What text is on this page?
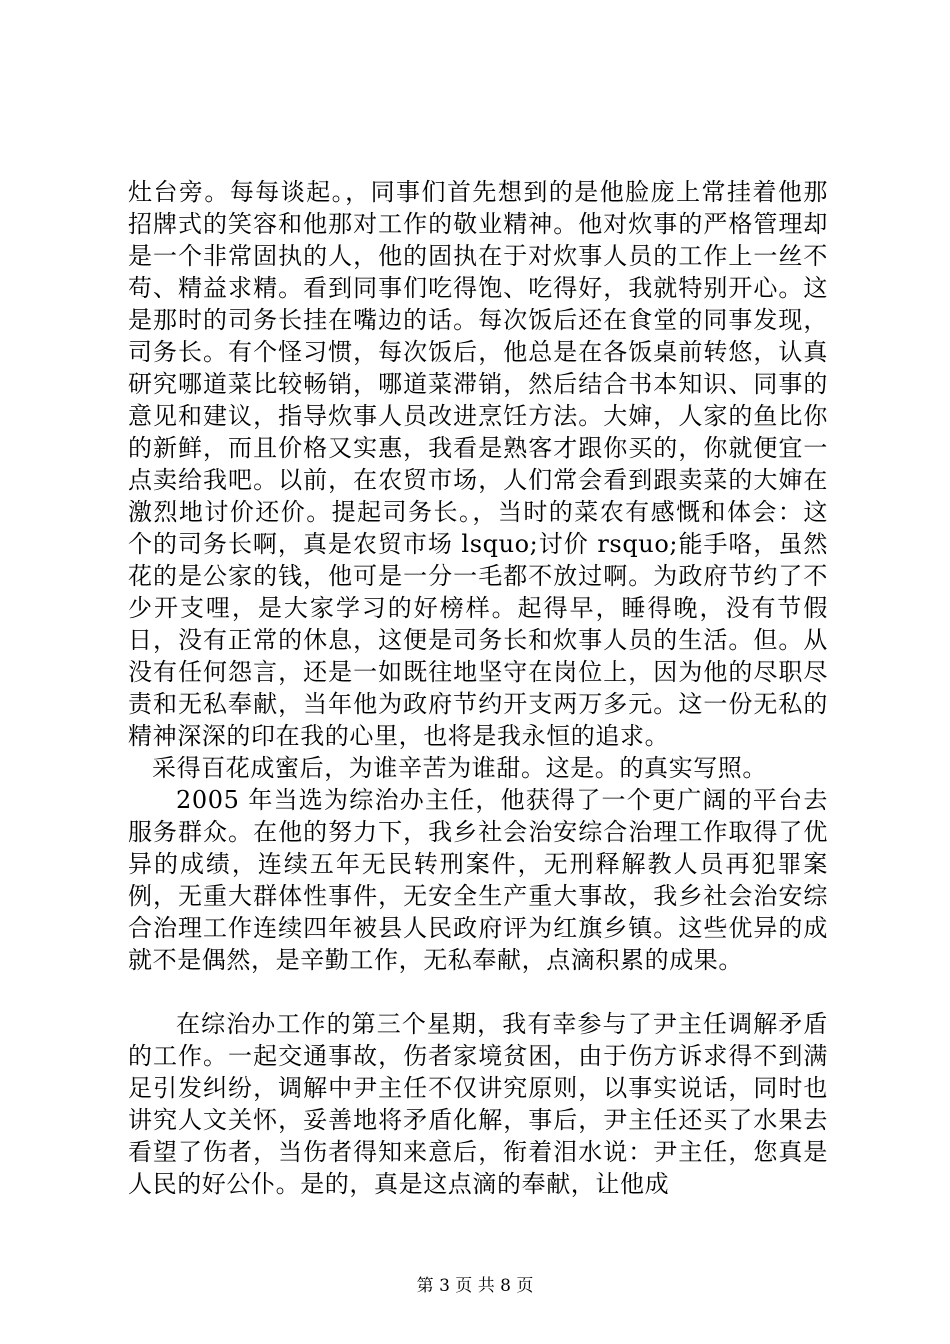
灶台旁。每每谈起。，同事们首先想到的是他脸庞上常挂着他那招牌式的笑容和他那对工作的敬业精神。他对炊事的严格管理却是一个非常固执的人，他的固执在于对炊事人员的工作上一丝不苟、精益求精。看到同事们吃得饱、吃得好，我就特别开心。这是那时的司务长挂在嘴边的话。每次饭后还在食堂的同事发现，司务长。有个怪习惯，每次饭后，他总是在各饭桌前转悠，认真研究哪道菜比较畅销，哪道菜滞销，然后结合书本知识、同事的意见和建议，指导炊事人员改进烹饪方法。大婶，人家的鱼比你的新鲜，而且价格又实惠，我看是熟客才跟你买的，你就便宜一点卖给我吧。以前，在农贸市场，人们常会看到跟卖菜的大婶在激烈地讨价还价。提起司务长。，当时的菜农有感慨和体会：这个的司务长啊，真是农贸市场 lsquo;讨价 rsquo;能手咯，虽然花的是公家的钱，他可是一分一毛都不放过啊。为政府节约了不少开支哩，是大家学习的好榜样。起得早，睡得晚，没有节假日，没有正常的休息，这便是司务长和炊事人员的生活。但。从没有任何怨言，还是一如既往地坚守在岗位上，因为他的尽职尽责和无私奉献，当年他为政府节约开支两万多元。这一份无私的精神深深的印在我的心里，也将是我永恒的追求。

采得百花成蜜后，为谁辛苦为谁甜。这是。的真实写照。

2005 年当选为综治办主任，他获得了一个更广阔的平台去服务群众。在他的努力下，我乡社会治安综合治理工作取得了优异的成绩，连续五年无民转刑案件，无刑释解教人员再犯罪案例，无重大群体性事件，无安全生产重大事故，我乡社会治安综合治理工作连续四年被县人民政府评为红旗乡镇。这些优异的成就不是偶然，是辛勤工作，无私奉献，点滴积累的成果。

在综治办工作的第三个星期，我有幸参与了尹主任调解矛盾的工作。一起交通事故，伤者家境贫困，由于伤方诉求得不到满足引发纠纷，调解中尹主任不仅讲究原则，以事实说话，同时也讲究人文关怀，妥善地将矛盾化解，事后，尹主任还买了水果去看望了伤者，当伤者得知来意后，衔着泪水说：尹主任，您真是人民的好公仆。是的，真是这点滴的奉献，让他成

第 3 页 共 8 页
